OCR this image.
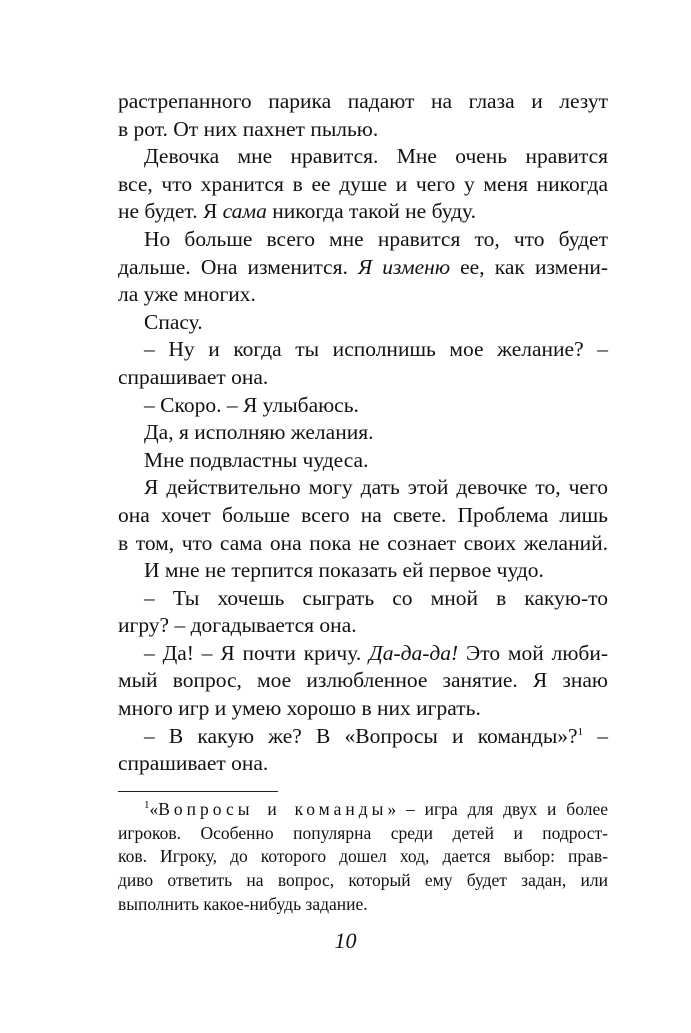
растрепанного парика падают на глаза и лезут
в рот. От них пахнет пылью.
Девочка мне нравится. Мне очень нравится
все, что хранится в ее душе и чего у меня никогда
не будет. Я сама никогда такой не буду.
Но больше всего мне нравится то, что будет
дальше. Она изменится. Я изменю ее, как измени-
ла уже многих.
Спасу.
– Ну и когда ты исполнишь мое желание? –
спрашивает она.
– Скоро. – Я улыбаюсь.
Да, я исполняю желания.
Мне подвластны чудеса.
Я действительно могу дать этой девочке то, чего
она хочет больше всего на свете. Проблема лишь
в том, что сама она пока не сознает своих желаний.
И мне не терпится показать ей первое чудо.
– Ты хочешь сыграть со мной в какую-то
игру? – догадывается она.
– Да! – Я почти кричу. Да-да-да! Это мой люби-
мый вопрос, мое излюбленное занятие. Я знаю
много игр и умею хорошо в них играть.
– В какую же? В «Вопросы и команды»?$^1$ –
спрашивает она.
$^1$«Вопросы и команды» – игра для двух и более
игроков. Особенно популярна среди детей и подрост-
ков. Игроку, до которого дошел ход, дается выбор: прав-
диво ответить на вопрос, который ему будет задан, или
выполнить какое-нибудь задание.
10
